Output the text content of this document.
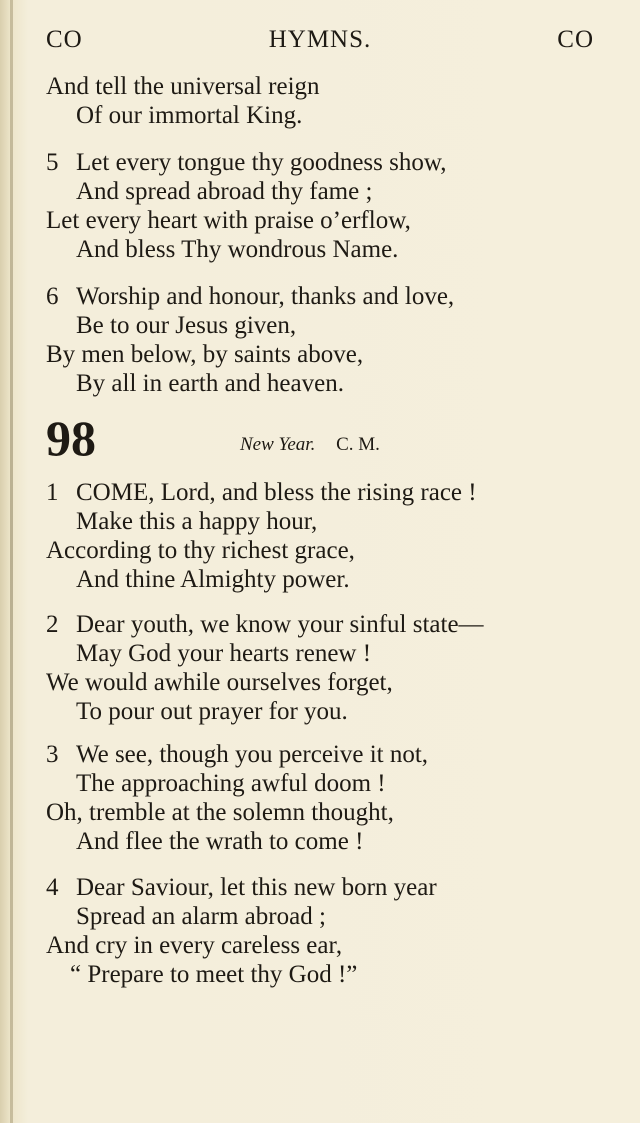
CO	HYMNS.	CO
And tell the universal reign
Of our immortal King.
5 Let every tongue thy goodness show,
And spread abroad thy fame ;
Let every heart with praise o’erflow,
And bless Thy wondrous Name.
6 Worship and honour, thanks and love,
Be to our Jesus given,
By men below, by saints above,
By all in earth and heaven.
98	New Year. C. M.
1 COME, Lord, and bless the rising race !
Make this a happy hour,
According to thy richest grace,
And thine Almighty power.
2 Dear youth, we know your sinful state—
May God your hearts renew !
We would awhile ourselves forget,
To pour out prayer for you.
3 We see, though you perceive it not,
The approaching awful doom !
Oh, tremble at the solemn thought,
And flee the wrath to come !
4 Dear Saviour, let this new born year
Spread an alarm abroad ;
And cry in every careless ear,
“ Prepare to meet thy God !”
